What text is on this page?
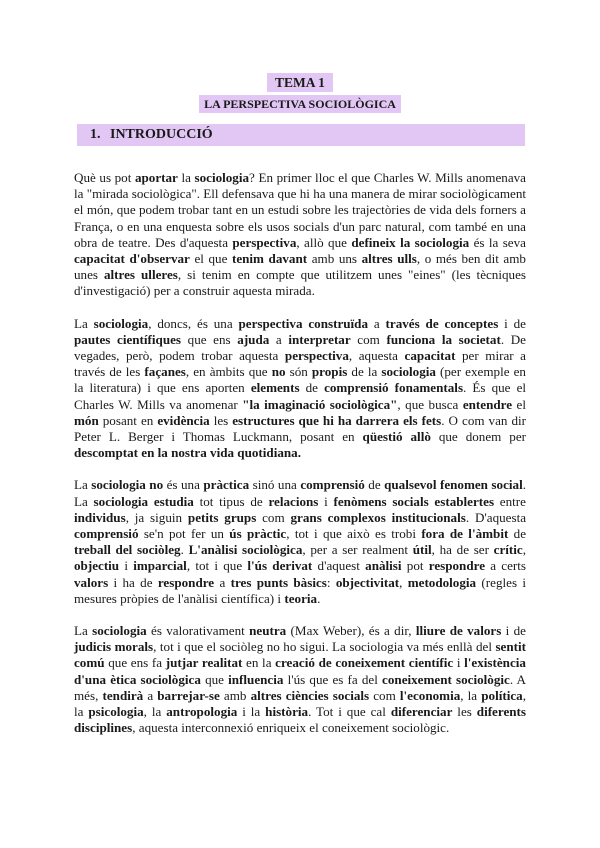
TEMA 1
LA PERSPECTIVA SOCIOLÒGICA
1. INTRODUCCIÓ

Què us pot aportar la sociologia? En primer lloc el que Charles W. Mills anomenava la "mirada sociològica". Ell defensava que hi ha una manera de mirar sociològicament el món, que podem trobar tant en un estudi sobre les trajectòries de vida dels forners a França, o en una enquesta sobre els usos socials d'un parc natural, com també en una obra de teatre. Des d'aquesta perspectiva, allò que defineix la sociologia és la seva capacitat d'observar el que tenim davant amb uns altres ulls, o més ben dit amb unes altres ulleres, si tenim en compte que utilitzem unes "eines" (les tècniques d'investigació) per a construir aquesta mirada.

La sociologia, doncs, és una perspectiva construïda a través de conceptes i de pautes científiques que ens ajuda a interpretar com funciona la societat. De vegades, però, podem trobar aquesta perspectiva, aquesta capacitat per mirar a través de les façanes, en àmbits que no són propis de la sociologia (per exemple en la literatura) i que ens aporten elements de comprensió fonamentals. És que el Charles W. Mills va anomenar "la imaginació sociològica", que busca entendre el món posant en evidència les estructures que hi ha darrera els fets. O com van dir Peter L. Berger i Thomas Luckmann, posant en qüestió allò que donem per descomptat en la nostra vida quotidiana.

La sociologia no és una pràctica sinó una comprensió de qualsevol fenomen social. La sociologia estudia tot tipus de relacions i fenòmens socials establertes entre individus, ja siguin petits grups com grans complexos institucionals. D'aquesta comprensió se'n pot fer un ús pràctic, tot i que això es trobi fora de l'àmbit de treball del sociòleg. L'anàlisi sociològica, per a ser realment útil, ha de ser crític, objectiu i imparcial, tot i que l'ús derivat d'aquest anàlisi pot respondre a certs valors i ha de respondre a tres punts bàsics: objectivitat, metodologia (regles i mesures pròpies de l'anàlisi científica) i teoria.

La sociologia és valorativament neutra (Max Weber), és a dir, lliure de valors i de judicis morals, tot i que el sociòleg no ho sigui. La sociologia va més enllà del sentit comú que ens fa jutjar realitat en la creació de coneixement científic i l'existència d'una ètica sociològica que influencia l'ús que es fa del coneixement sociològic. A més, tendirà a barrejar-se amb altres ciències socials com l'economia, la política, la psicologia, la antropologia i la història. Tot i que cal diferenciar les diferents disciplines, aquesta interconnexió enriqueix el coneixement sociològic.
